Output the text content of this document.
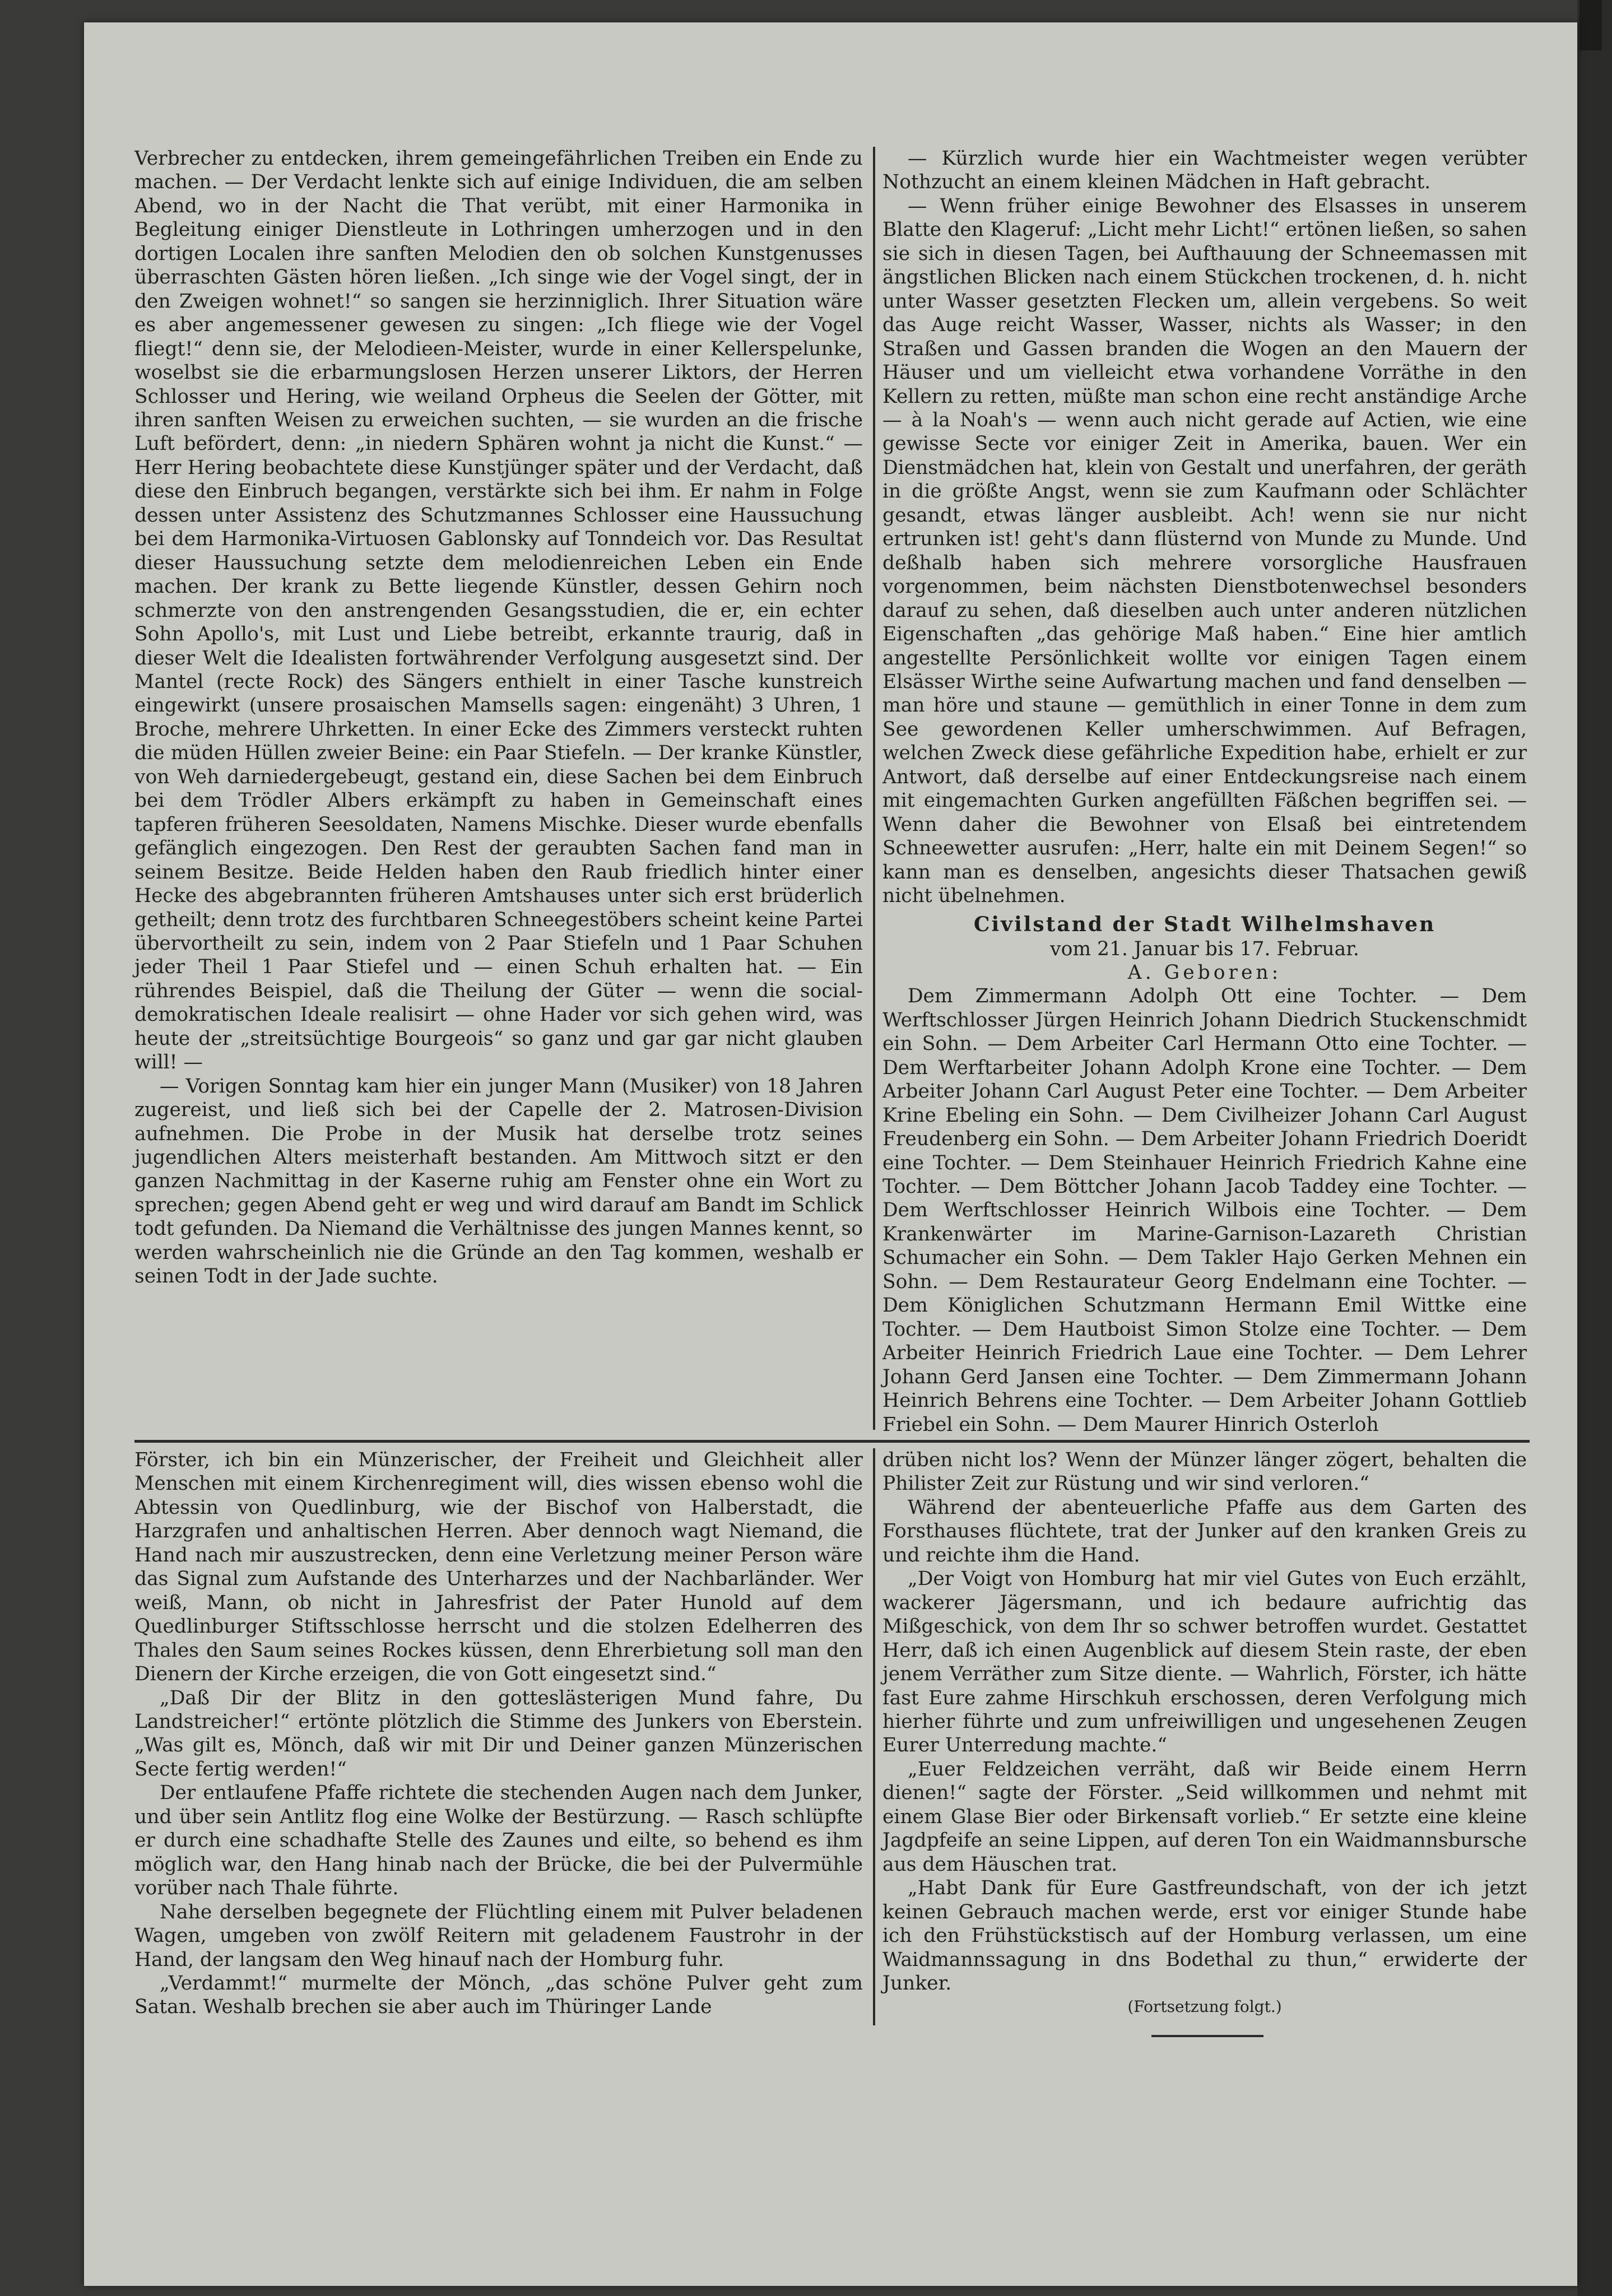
Verbrecher zu entdecken, ihrem gemeingefährlichen Treiben ein Ende zu machen. — Der Verdacht lenkte sich auf einige Individuen, die am selben Abend, wo in der Nacht die That verübt, mit einer Harmonika in Begleitung einiger Dienstleute in Lothringen umherzogen und in den dortigen Localen ihre sanften Melodien den ob solchen Kunstgenusses überraschten Gästen hören ließen. „Ich singe wie der Vogel singt, der in den Zweigen wohnet!“ so sangen sie herzinniglich. Ihrer Situation wäre es aber angemessener gewesen zu singen: „Ich fliege wie der Vogel fliegt!“ denn sie, der Melodieen-Meister, wurde in einer Kellerspelunke, woselbst sie die erbarmungslosen Herzen unserer Liktors, der Herren Schlosser und Hering, wie weiland Orpheus die Seelen der Götter, mit ihren sanften Weisen zu erweichen suchten, — sie wurden an die frische Luft befördert, denn: „in niedern Sphären wohnt ja nicht die Kunst.“ — Herr Hering beobachtete diese Kunstjünger später und der Verdacht, daß diese den Einbruch begangen, verstärkte sich bei ihm. Er nahm in Folge dessen unter Assistenz des Schutzmannes Schlosser eine Haussuchung bei dem Harmonika-Virtuosen Gablonsky auf Tonndeich vor. Das Resultat dieser Haussuchung setzte dem melodienreichen Leben ein Ende machen. Der krank zu Bette liegende Künstler, dessen Gehirn noch schmerzte von den anstrengenden Gesangsstudien, die er, ein echter Sohn Apollo's, mit Lust und Liebe betreibt, erkannte traurig, daß in dieser Welt die Idealisten fortwährender Verfolgung ausgesetzt sind. Der Mantel (recte Rock) des Sängers enthielt in einer Tasche kunstreich eingewirkt (unsere prosaischen Mamsells sagen: eingenäht) 3 Uhren, 1 Broche, mehrere Uhrketten. In einer Ecke des Zimmers versteckt ruhten die müden Hüllen zweier Beine: ein Paar Stiefeln. — Der kranke Künstler, von Weh darniedergebeugt, gestand ein, diese Sachen bei dem Einbruch bei dem Trödler Albers erkämpft zu haben in Gemeinschaft eines tapferen früheren Seesoldaten, Namens Mischke. Dieser wurde ebenfalls gefänglich eingezogen. Den Rest der geraubten Sachen fand man in seinem Besitze. Beide Helden haben den Raub friedlich hinter einer Hecke des abgebrannten früheren Amtshauses unter sich erst brüderlich getheilt; denn trotz des furchtbaren Schneegestöbers scheint keine Partei übervortheilt zu sein, indem von 2 Paar Stiefeln und 1 Paar Schuhen jeder Theil 1 Paar Stiefel und — einen Schuh erhalten hat. — Ein rührendes Beispiel, daß die Theilung der Güter — wenn die social-demokratischen Ideale realisirt — ohne Hader vor sich gehen wird, was heute der „streitsüchtige Bourgeois“ so ganz und gar gar nicht glauben will! —

— Vorigen Sonntag kam hier ein junger Mann (Musiker) von 18 Jahren zugereist, und ließ sich bei der Capelle der 2. Matrosen-Division aufnehmen. Die Probe in der Musik hat derselbe trotz seines jugendlichen Alters meisterhaft bestanden. Am Mittwoch sitzt er den ganzen Nachmittag in der Kaserne ruhig am Fenster ohne ein Wort zu sprechen; gegen Abend geht er weg und wird darauf am Bandt im Schlick todt gefunden. Da Niemand die Verhältnisse des jungen Mannes kennt, so werden wahrscheinlich nie die Gründe an den Tag kommen, weshalb er seinen Todt in der Jade suchte.

— Kürzlich wurde hier ein Wachtmeister wegen verübter Nothzucht an einem kleinen Mädchen in Haft gebracht.

— Wenn früher einige Bewohner des Elsasses in unserem Blatte den Klageruf: „Licht mehr Licht!“ ertönen ließen, so sahen sie sich in diesen Tagen, bei Aufthauung der Schneemassen mit ängstlichen Blicken nach einem Stückchen trockenen, d. h. nicht unter Wasser gesetzten Flecken um, allein vergebens. So weit das Auge reicht Wasser, Wasser, nichts als Wasser; in den Straßen und Gassen branden die Wogen an den Mauern der Häuser und um vielleicht etwa vorhandene Vorräthe in den Kellern zu retten, müßte man schon eine recht anständige Arche — à la Noah's — wenn auch nicht gerade auf Actien, wie eine gewisse Secte vor einiger Zeit in Amerika, bauen. Wer ein Dienstmädchen hat, klein von Gestalt und unerfahren, der geräth in die größte Angst, wenn sie zum Kaufmann oder Schlächter gesandt, etwas länger ausbleibt. Ach! wenn sie nur nicht ertrunken ist! geht's dann flüsternd von Munde zu Munde. Und deßhalb haben sich mehrere vorsorgliche Hausfrauen vorgenommen, beim nächsten Dienstbotenwechsel besonders darauf zu sehen, daß dieselben auch unter anderen nützlichen Eigenschaften „das gehörige Maß haben.“ Eine hier amtlich angestellte Persönlichkeit wollte vor einigen Tagen einem Elsässer Wirthe seine Aufwartung machen und fand denselben — man höre und staune — gemüthlich in einer Tonne in dem zum See gewordenen Keller umherschwimmen. Auf Befragen, welchen Zweck diese gefährliche Expedition habe, erhielt er zur Antwort, daß derselbe auf einer Entdeckungsreise nach einem mit eingemachten Gurken angefüllten Fäßchen begriffen sei. — Wenn daher die Bewohner von Elsaß bei eintretendem Schneewetter ausrufen: „Herr, halte ein mit Deinem Segen!“ so kann man es denselben, angesichts dieser Thatsachen gewiß nicht übelnehmen.

Civilstand der Stadt Wilhelmshaven

vom 21. Januar bis 17. Februar.

A. Geboren:

Dem Zimmermann Adolph Ott eine Tochter. — Dem Werftschlosser Jürgen Heinrich Johann Diedrich Stuckenschmidt ein Sohn. — Dem Arbeiter Carl Hermann Otto eine Tochter. — Dem Werftarbeiter Johann Adolph Krone eine Tochter. — Dem Arbeiter Johann Carl August Peter eine Tochter. — Dem Arbeiter Krine Ebeling ein Sohn. — Dem Civilheizer Johann Carl August Freudenberg ein Sohn. — Dem Arbeiter Johann Friedrich Doeridt eine Tochter. — Dem Steinhauer Heinrich Friedrich Kahne eine Tochter. — Dem Böttcher Johann Jacob Taddey eine Tochter. — Dem Werftschlosser Heinrich Wilbois eine Tochter. — Dem Krankenwärter im Marine-Garnison-Lazareth Christian Schumacher ein Sohn. — Dem Takler Hajo Gerken Mehnen ein Sohn. — Dem Restaurateur Georg Endelmann eine Tochter. — Dem Königlichen Schutzmann Hermann Emil Wittke eine Tochter. — Dem Hautboist Simon Stolze eine Tochter. — Dem Arbeiter Heinrich Friedrich Laue eine Tochter. — Dem Lehrer Johann Gerd Jansen eine Tochter. — Dem Zimmermann Johann Heinrich Behrens eine Tochter. — Dem Arbeiter Johann Gottlieb Friebel ein Sohn. — Dem Maurer Hinrich Osterloh

Förster, ich bin ein Münzerischer, der Freiheit und Gleichheit aller Menschen mit einem Kirchenregiment will, dies wissen ebenso wohl die Abtessin von Quedlinburg, wie der Bischof von Halberstadt, die Harzgrafen und anhaltischen Herren. Aber dennoch wagt Niemand, die Hand nach mir auszustrecken, denn eine Verletzung meiner Person wäre das Signal zum Aufstande des Unterharzes und der Nachbarländer. Wer weiß, Mann, ob nicht in Jahresfrist der Pater Hunold auf dem Quedlinburger Stiftsschlosse herrscht und die stolzen Edelherren des Thales den Saum seines Rockes küssen, denn Ehrerbietung soll man den Dienern der Kirche erzeigen, die von Gott eingesetzt sind.“

„Daß Dir der Blitz in den gotteslästerigen Mund fahre, Du Landstreicher!“ ertönte plötzlich die Stimme des Junkers von Eberstein. „Was gilt es, Mönch, daß wir mit Dir und Deiner ganzen Münzerischen Secte fertig werden!“

Der entlaufene Pfaffe richtete die stechenden Augen nach dem Junker, und über sein Antlitz flog eine Wolke der Bestürzung. — Rasch schlüpfte er durch eine schadhafte Stelle des Zaunes und eilte, so behend es ihm möglich war, den Hang hinab nach der Brücke, die bei der Pulvermühle vorüber nach Thale führte.

Nahe derselben begegnete der Flüchtling einem mit Pulver beladenen Wagen, umgeben von zwölf Reitern mit geladenem Faustrohr in der Hand, der langsam den Weg hinauf nach der Homburg fuhr.

„Verdammt!“ murmelte der Mönch, „das schöne Pulver geht zum Satan. Weshalb brechen sie aber auch im Thüringer Lande

drüben nicht los? Wenn der Münzer länger zögert, behalten die Philister Zeit zur Rüstung und wir sind verloren.“

Während der abenteuerliche Pfaffe aus dem Garten des Forsthauses flüchtete, trat der Junker auf den kranken Greis zu und reichte ihm die Hand.

„Der Voigt von Homburg hat mir viel Gutes von Euch erzählt, wackerer Jägersmann, und ich bedaure aufrichtig das Mißgeschick, von dem Ihr so schwer betroffen wurdet. Gestattet Herr, daß ich einen Augenblick auf diesem Stein raste, der eben jenem Verräther zum Sitze diente. — Wahrlich, Förster, ich hätte fast Eure zahme Hirschkuh erschossen, deren Verfolgung mich hierher führte und zum unfreiwilligen und ungesehenen Zeugen Eurer Unterredung machte.“

„Euer Feldzeichen verräht, daß wir Beide einem Herrn dienen!“ sagte der Förster. „Seid willkommen und nehmt mit einem Glase Bier oder Birkensaft vorlieb.“ Er setzte eine kleine Jagdpfeife an seine Lippen, auf deren Ton ein Waidmannsbursche aus dem Häuschen trat.

„Habt Dank für Eure Gastfreundschaft, von der ich jetzt keinen Gebrauch machen werde, erst vor einiger Stunde habe ich den Frühstückstisch auf der Homburg verlassen, um eine Waidmannssagung in dns Bodethal zu thun,“ erwiderte der Junker.

(Fortsetzung folgt.)
